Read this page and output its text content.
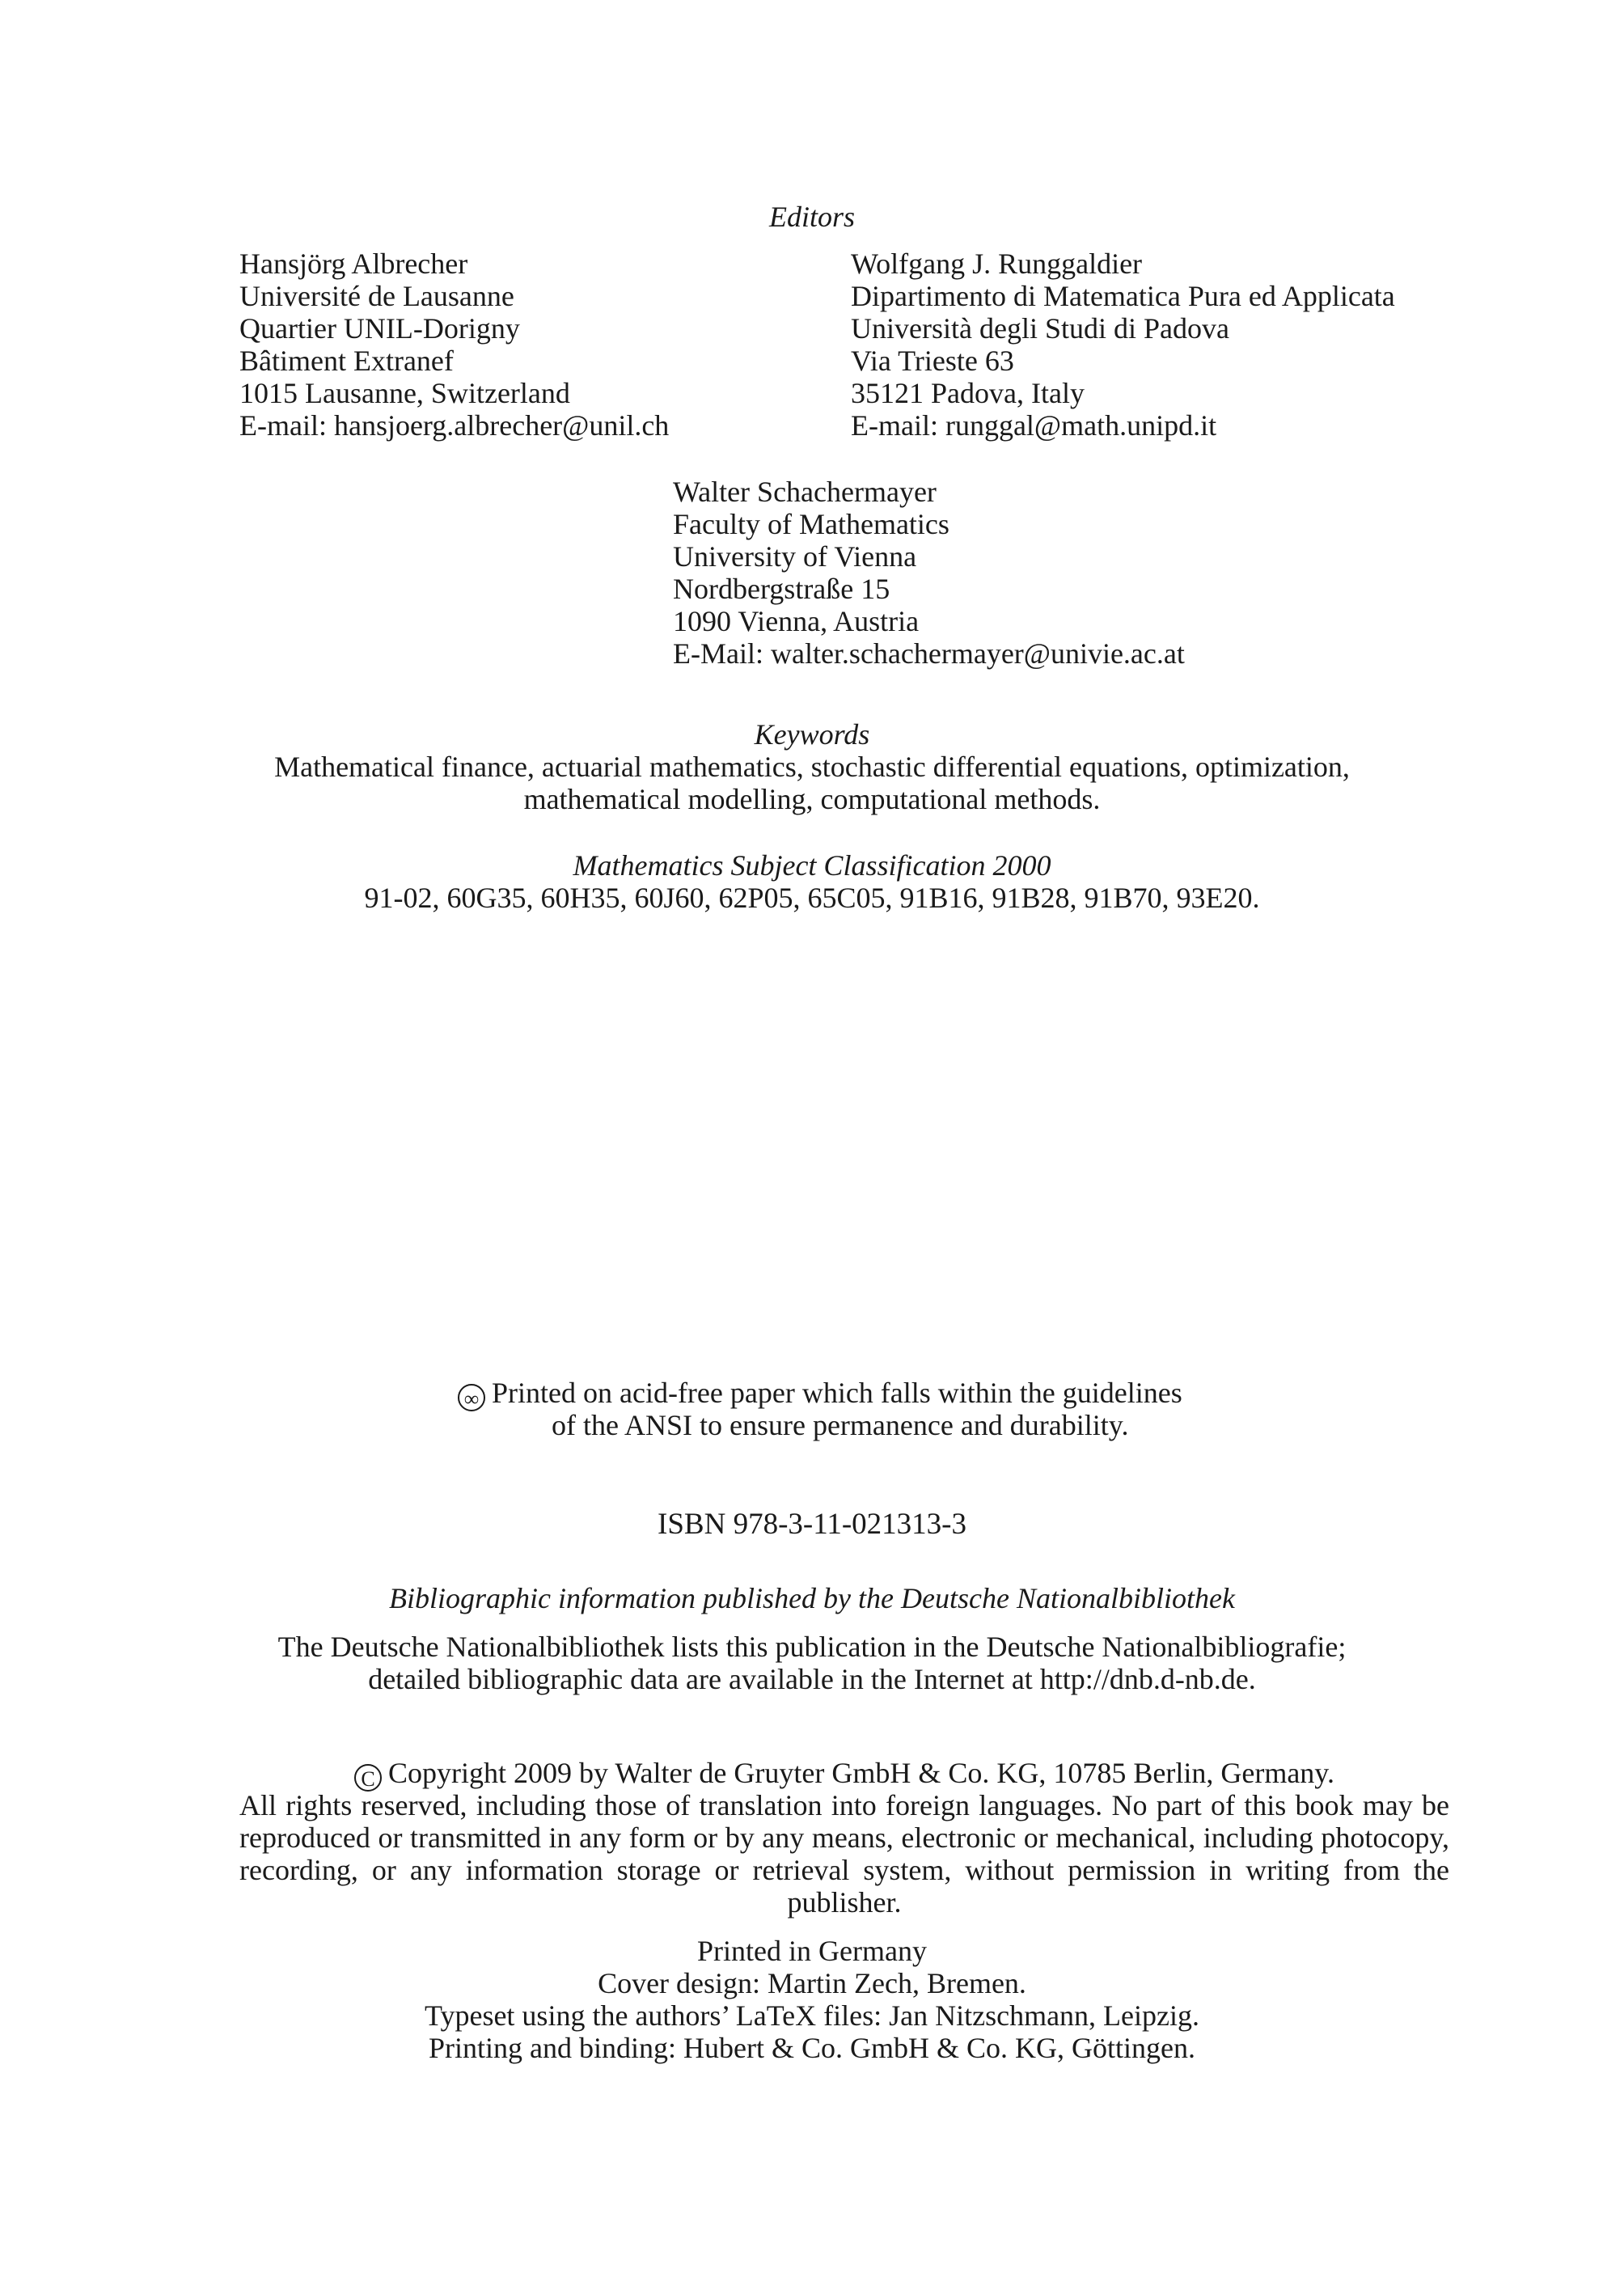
Editors
Hansjörg Albrecher
Université de Lausanne
Quartier UNIL-Dorigny
Bâtiment Extranef
1015 Lausanne, Switzerland
E-mail: hansjoerg.albrecher@unil.ch
Wolfgang J. Runggaldier
Dipartimento di Matematica Pura ed Applicata
Università degli Studi di Padova
Via Trieste 63
35121 Padova, Italy
E-mail: runggal@math.unipd.it
Walter Schachermayer
Faculty of Mathematics
University of Vienna
Nordbergstraße 15
1090 Vienna, Austria
E-Mail: walter.schachermayer@univie.ac.at
Keywords
Mathematical finance, actuarial mathematics, stochastic differential equations, optimization,
mathematical modelling, computational methods.
Mathematics Subject Classification 2000
91-02, 60G35, 60H35, 60J60, 62P05, 65C05, 91B16, 91B28, 91B70, 93E20.
∞ Printed on acid-free paper which falls within the guidelines
of the ANSI to ensure permanence and durability.
ISBN 978-3-11-021313-3
Bibliographic information published by the Deutsche Nationalbibliothek
The Deutsche Nationalbibliothek lists this publication in the Deutsche Nationalbibliografie;
detailed bibliographic data are available in the Internet at http://dnb.d-nb.de.
C Copyright 2009 by Walter de Gruyter GmbH & Co. KG, 10785 Berlin, Germany.
All rights reserved, including those of translation into foreign languages. No part of this book may be reproduced or transmitted in any form or by any means, electronic or mechanical, including photocopy, recording, or any information storage or retrieval system, without permission in writing from the publisher.
Printed in Germany
Cover design: Martin Zech, Bremen.
Typeset using the authors’ LaTeX files: Jan Nitzschmann, Leipzig.
Printing and binding: Hubert & Co. GmbH & Co. KG, Göttingen.
